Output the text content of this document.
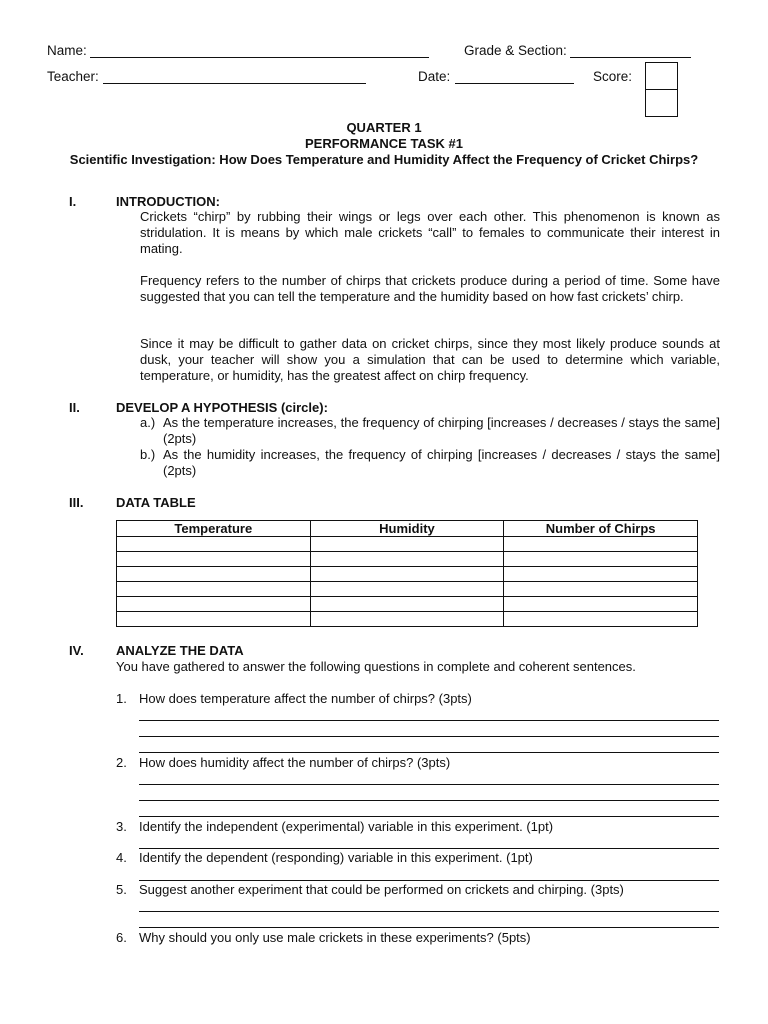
Name:	Grade & Section:
Teacher:	Date:	Score:
QUARTER 1
PERFORMANCE TASK #1
Scientific Investigation: How Does Temperature and Humidity Affect the Frequency of Cricket Chirps?
I.	INTRODUCTION:
Crickets “chirp” by rubbing their wings or legs over each other. This phenomenon is known as stridulation. It is means by which male crickets “call” to females to communicate their interest in mating.
Frequency refers to the number of chirps that crickets produce during a period of time. Some have suggested that you can tell the temperature and the humidity based on how fast crickets’ chirp.
Since it may be difficult to gather data on cricket chirps, since they most likely produce sounds at dusk, your teacher will show you a simulation that can be used to determine which variable, temperature, or humidity, has the greatest affect on chirp frequency.
II.	DEVELOP A HYPOTHESIS (circle):
a.) As the temperature increases, the frequency of chirping [increases / decreases / stays the same] (2pts)
b.) As the humidity increases, the frequency of chirping [increases / decreases / stays the same] (2pts)
III.	DATA TABLE
Temperature	Humidity	Number of Chirps

IV. ANALYZE THE DATA
You have gathered to answer the following questions in complete and coherent sentences.
1. How does temperature affect the number of chirps? (3pts)
2. How does humidity affect the number of chirps? (3pts)
3. Identify the independent (experimental) variable in this experiment. (1pt)
4. Identify the dependent (responding) variable in this experiment. (1pt)
5. Suggest another experiment that could be performed on crickets and chirping. (3pts)
6. Why should you only use male crickets in these experiments? (5pts)
